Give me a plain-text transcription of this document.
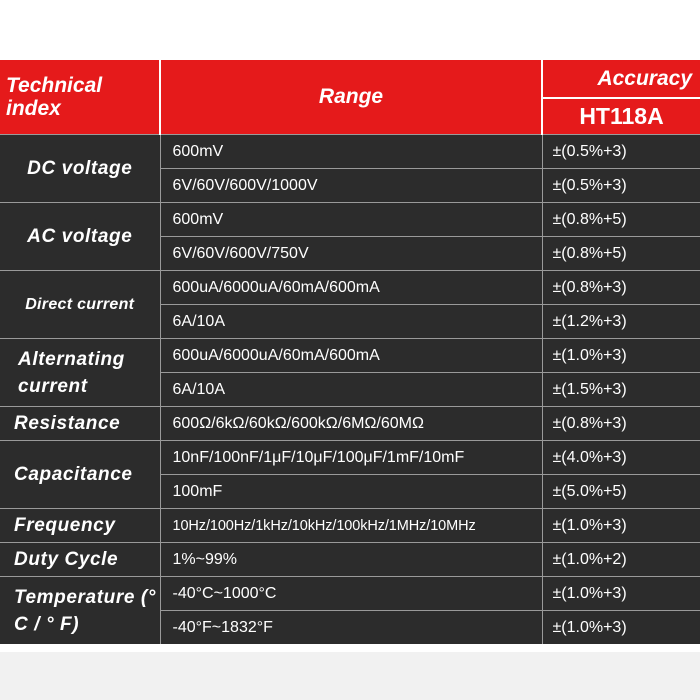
Technical index	Range	Accuracy
		HT118A
DC voltage	600mV	±(0.5%+3)
	6V/60V/600V/1000V	±(0.5%+3)
AC voltage	600mV	±(0.8%+5)
	6V/60V/600V/750V	±(0.8%+5)
Direct current	600uA/6000uA/60mA/600mA	±(0.8%+3)
	6A/10A	±(1.2%+3)
Alternating current	600uA/6000uA/60mA/600mA	±(1.0%+3)
	6A/10A	±(1.5%+3)
Resistance	600Ω/6kΩ/60kΩ/600kΩ/6MΩ/60MΩ	±(0.8%+3)
Capacitance	10nF/100nF/1μF/10μF/100μF/1mF/10mF	±(4.0%+3)
	100mF	±(5.0%+5)
Frequency	10Hz/100Hz/1kHz/10kHz/100kHz/1MHz/10MHz	±(1.0%+3)
Duty Cycle	1%~99%	±(1.0%+2)
Temperature (° C / ° F)	-40°C~1000°C	±(1.0%+3)
	-40°F~1832°F	±(1.0%+3)
